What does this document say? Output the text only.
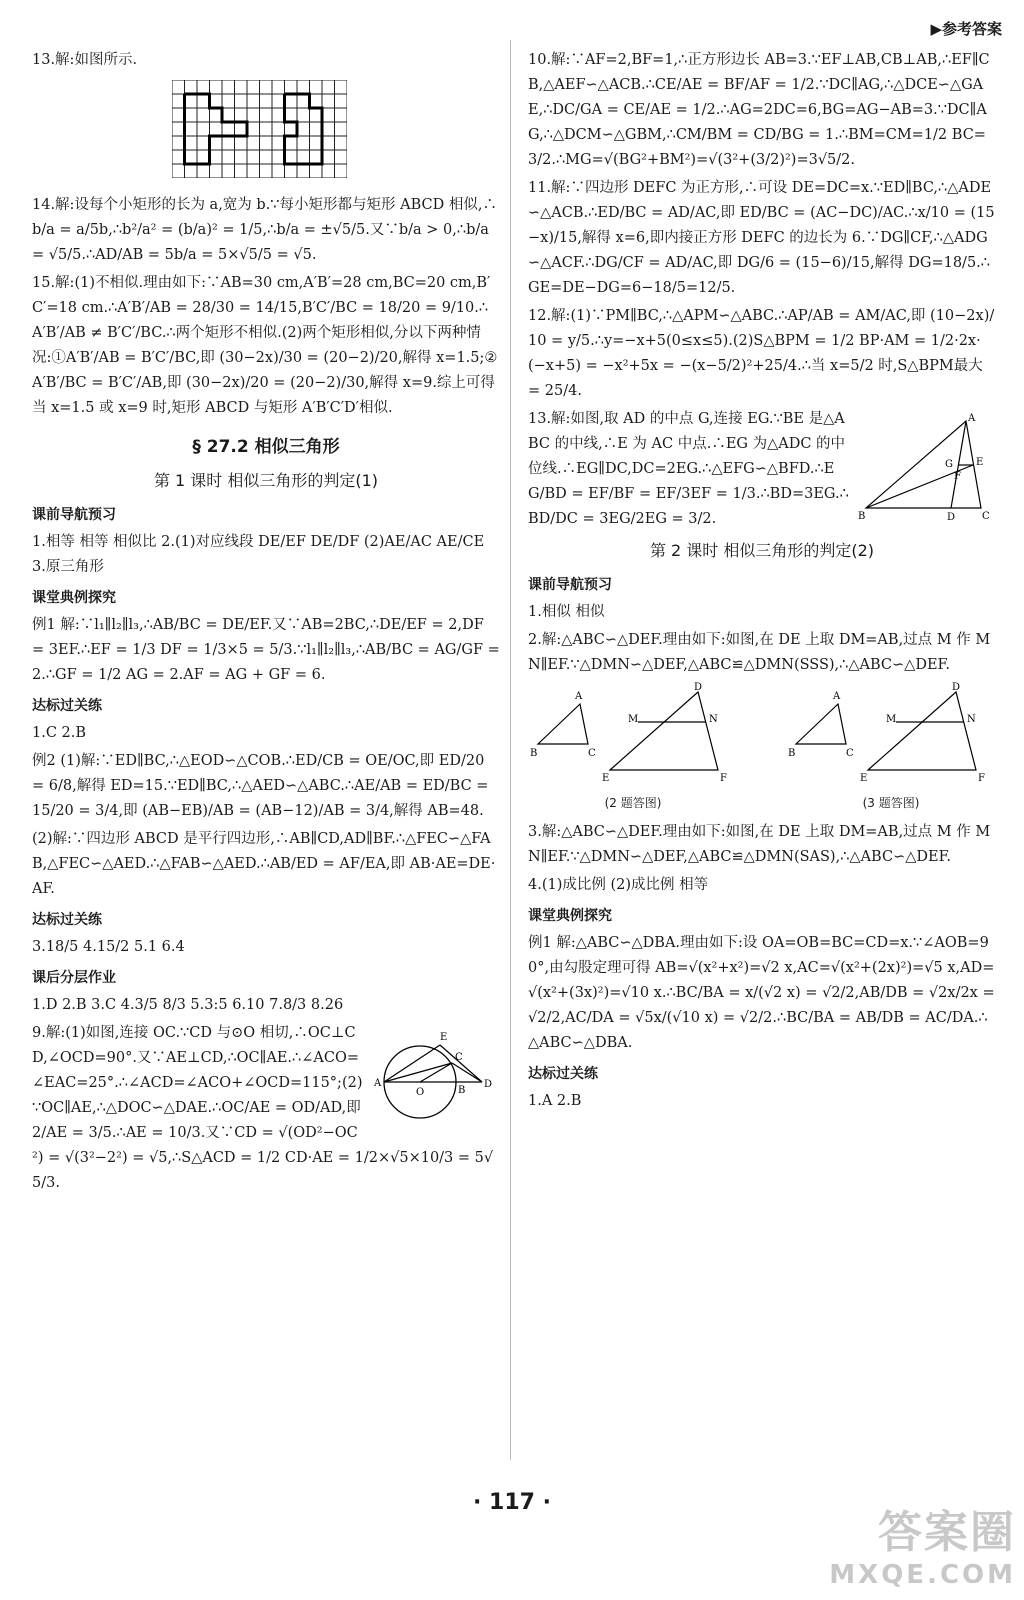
▶参考答案

13.解:如图所示.

14.解:设每个小矩形的长为 a,宽为 b.∵每小矩形都与矩形 ABCD 相似,∴b/a = a/5b,∴b²/a² = (b/a)² = 1/5,∴b/a = ±√5/5.又∵b/a > 0,∴b/a = √5/5.∴AD/AB = 5b/a = 5×√5/5 = √5.

15.解:(1)不相似.理由如下:∵AB=30 cm,A′B′=28 cm,BC=20 cm,B′C′=18 cm.∴A′B′/AB = 28/30 = 14/15,B′C′/BC = 18/20 = 9/10.∴A′B′/AB ≠ B′C′/BC.∴两个矩形不相似.(2)两个矩形相似,分以下两种情况:①A′B′/AB = B′C′/BC,即 (30−2x)/30 = (20−2)/20,解得 x=1.5;②A′B′/BC = B′C′/AB,即 (30−2x)/20 = (20−2)/30,解得 x=9.综上可得当 x=1.5 或 x=9 时,矩形 ABCD 与矩形 A′B′C′D′相似.

§ 27.2 相似三角形
第 1 课时 相似三角形的判定(1)
课前导航预习

1.相等 相等 相似比 2.(1)对应线段 DE/EF DE/DF (2)AE/AC AE/CE 3.原三角形

课堂典例探究

例1 解:∵l₁∥l₂∥l₃,∴AB/BC = DE/EF.又∵AB=2BC,∴DE/EF = 2,DF = 3EF.∴EF = 1/3 DF = 1/3×5 = 5/3.∵l₁∥l₂∥l₃,∴AB/BC = AG/GF = 2.∴GF = 1/2 AG = 2.AF = AG + GF = 6.

达标过关练

1.C 2.B

例2 (1)解:∵ED∥BC,∴△EOD∽△COB.∴ED/CB = OE/OC,即 ED/20 = 6/8,解得 ED=15.∵ED∥BC,∴△AED∽△ABC.∴AE/AB = ED/BC = 15/20 = 3/4,即 (AB−EB)/AB = (AB−12)/AB = 3/4,解得 AB=48.

(2)解:∵四边形 ABCD 是平行四边形,∴AB∥CD,AD∥BF.∴△FEC∽△FAB,△FEC∽△AED.∴△FAB∽△AED.∴AB/ED = AF/EA,即 AB·AE=DE·AF.

达标过关练

3.18/5 4.15/2 5.1 6.4

课后分层作业

1.D 2.B 3.C 4.3/5 8/3 5.3:5 6.10 7.8/3 8.26

E
C
A
O	B
D

9.解:(1)如图,连接 OC.∵CD 与⊙O 相切,∴OC⊥CD,∠OCD=90°.又∵AE⊥CD,∴OC∥AE.∴∠ACO=∠EAC=25°.∴∠ACD=∠ACO+∠OCD=115°;(2)∵OC∥AE,∴△DOC∽△DAE.∴OC/AE = OD/AD,即 2/AE = 3/5.∴AE = 10/3.又∵CD = √(OD²−OC²) = √(3²−2²) = √5,∴S△ACD = 1/2 CD·AE = 1/2×√5×10/3 = 5√5/3.

10.解:∵AF=2,BF=1,∴正方形边长 AB=3.∵EF⊥AB,CB⊥AB,∴EF∥CB,△AEF∽△ACB.∴CE/AE = BF/AF = 1/2.∵DC∥AG,∴△DCE∽△GAE,∴DC/GA = CE/AE = 1/2.∴AG=2DC=6,BG=AG−AB=3.∵DC∥AG,∴△DCM∽△GBM,∴CM/BM = CD/BG = 1.∴BM=CM=1/2 BC=3/2.∴MG=√(BG²+BM²)=√(3²+(3/2)²)=3√5/2.

11.解:∵四边形 DEFC 为正方形,∴可设 DE=DC=x.∵ED∥BC,∴△ADE∽△ACB.∴ED/BC = AD/AC,即 ED/BC = (AC−DC)/AC.∴x/10 = (15−x)/15,解得 x=6,即内接正方形 DEFC 的边长为 6.∵DG∥CF,∴△ADG∽△ACF.∴DG/CF = AD/AC,即 DG/6 = (15−6)/15,解得 DG=18/5.∴GE=DE−DG=6−18/5=12/5.

12.解:(1)∵PM∥BC,∴△APM∽△ABC.∴AP/AB = AM/AC,即 (10−2x)/10 = y/5.∴y=−x+5(0≤x≤5).(2)S△BPM = 1/2 BP·AM = 1/2·2x·(−x+5) = −x²+5x = −(x−5/2)²+25/4.∴当 x=5/2 时,S△BPM最大 = 25/4.

A
G E
F
B	D	C

13.解:如图,取 AD 的中点 G,连接 EG.∵BE 是△ABC 的中线,∴E 为 AC 中点.∴EG 为△ADC 的中位线.∴EG∥DC,DC=2EG.∴△EFG∽△BFD.∴EG/BD = EF/BF = EF/3EF = 1/3.∴BD=3EG.∴BD/DC = 3EG/2EG = 3/2.

第 2 课时 相似三角形的判定(2)
课前导航预习

1.相似 相似

2.解:△ABC∽△DEF.理由如下:如图,在 DE 上取 DM=AB,过点 M 作 MN∥EF.∵△DMN∽△DEF,△ABC≌△DMN(SSS),∴△ABC∽△DEF.

A
B	C
D
M	N
E	F
(2 题答图)
A
B	C
D
M	N
E	F
(3 题答图)

3.解:△ABC∽△DEF.理由如下:如图,在 DE 上取 DM=AB,过点 M 作 MN∥EF.∵△DMN∽△DEF,△ABC≌△DMN(SAS),∴△ABC∽△DEF.

4.(1)成比例 (2)成比例 相等

课堂典例探究

例1 解:△ABC∽△DBA.理由如下:设 OA=OB=BC=CD=x.∵∠AOB=90°,由勾股定理可得 AB=√(x²+x²)=√2 x,AC=√(x²+(2x)²)=√5 x,AD=√(x²+(3x)²)=√10 x.∴BC/BA = x/(√2 x) = √2/2,AB/DB = √2x/2x = √2/2,AC/DA = √5x/(√10 x) = √2/2.∴BC/BA = AB/DB = AC/DA.∴△ABC∽△DBA.

达标过关练

1.A 2.B

· 117 ·
答案圈
MXQE.COM
